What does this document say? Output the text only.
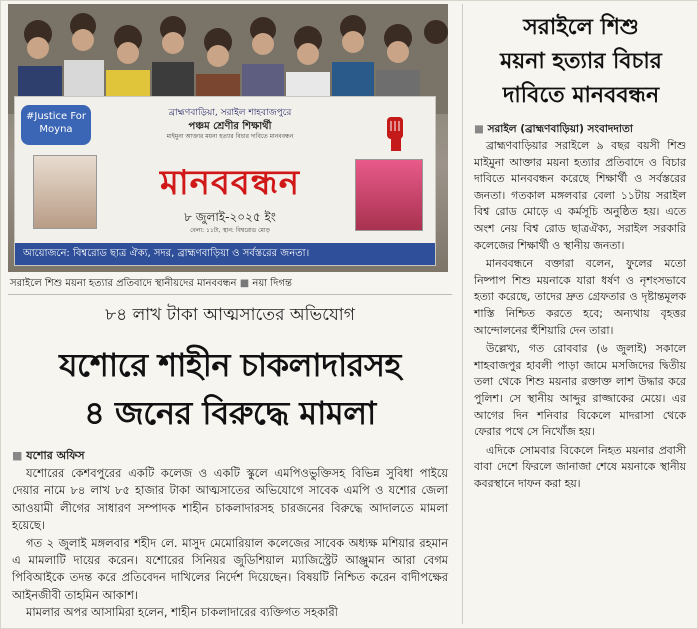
#Justice For Moyna
ব্রাহ্মণবাড়িয়া, সরাইল শাহবাজপুরে
পঞ্চম শ্রেণীর শিক্ষার্থী
মাইমুনা আক্তার ময়না হত্যার বিচার দাবিতে মানববন্ধন
মানববন্ধন
৮ জুলাই-২০২৫ ইং
বেলা: ১১টা, স্থান: বিশ্বরোড মোড়
আয়োজনে: বিশ্বরোড ছাত্র ঐক্য, সদর, ব্রাহ্মণবাড়িয়া ও সর্বস্তরের জনতা।
সরাইলে শিশু ময়না হত্যার প্রতিবাদে স্থানীয়দের মানববন্ধন ■ নয়া দিগন্ত
৮৪ লাখ টাকা আত্মসাতের অভিযোগ
যশোরে শাহীন চাকলাদারসহ
৪ জনের বিরুদ্ধে মামলা
■ যশোর অফিস

যশোরের কেশবপুরের একটি কলেজ ও একটি স্কুলে এমপিওভুক্তিসহ বিভিন্ন সুবিধা পাইয়ে দেয়ার নামে ৮৪ লাখ ৮৫ হাজার টাকা আত্মসাতের অভিযোগে সাবেক এমপি ও যশোর জেলা আওয়ামী লীগের সাধারণ সম্পাদক শাহীন চাকলাদারসহ চারজনের বিরুদ্ধে আদালতে মামলা হয়েছে।

গত ২ জুলাই মঙ্গলবার শহীদ লে. মাসুদ মেমোরিয়াল কলেজের সাবেক অধ্যক্ষ মশিয়ার রহমান এ মামলাটি দায়ের করেন। যশোরের সিনিয়র জুডিশিয়াল ম্যাজিস্ট্রেট আঞ্জুমান আরা বেগম পিবিআইকে তদন্ত করে প্রতিবেদন দাখিলের নির্দেশ দিয়েছেন। বিষয়টি নিশ্চিত করেন বাদীপক্ষের আইনজীবী তাহমিন আকাশ।

মামলার অপর আসামিরা হলেন, শাহীন চাকলাদারের ব্যক্তিগত সহকারী

সরাইলে শিশু
ময়না হত্যার বিচার
দাবিতে মানববন্ধন
■ সরাইল (ব্রাহ্মণবাড়িয়া) সংবাদদাতা

ব্রাহ্মণবাড়িয়ার সরাইলে ৯ বছর বয়সী শিশু মাইমুনা আক্তার ময়না হত্যার প্রতিবাদে ও বিচার দাবিতে মানববন্ধন করেছে শিক্ষার্থী ও সর্বস্তরের জনতা। গতকাল মঙ্গলবার বেলা ১১টায় সরাইল বিশ্ব রোড মোড়ে এ কর্মসূচি অনুষ্ঠিত হয়। এতে অংশ নেয় বিশ্ব রোড ছাত্রঐক্য, সরাইল সরকারি কলেজের শিক্ষার্থী ও স্থানীয় জনতা।

মানববন্ধনে বক্তারা বলেন, ফুলের মতো নিষ্পাপ শিশু ময়নাকে যারা ধর্ষণ ও নৃশংসভাবে হত্যা করেছে, তাদের দ্রুত গ্রেফতার ও দৃষ্টান্তমূলক শাস্তি নিশ্চিত করতে হবে; অন্যথায় বৃহত্তর আন্দোলনের হুঁশিয়ারি দেন তারা।

উল্লেখ্য, গত রোববার (৬ জুলাই) সকালে শাহবাজপুর হাবলী পাড়া জামে মসজিদের দ্বিতীয় তলা থেকে শিশু ময়নার রক্তাক্ত লাশ উদ্ধার করে পুলিশ। সে স্থানীয় আব্দুর রাজ্জাকের মেয়ে। এর আগের দিন শনিবার বিকেলে মাদরাসা থেকে ফেরার পথে সে নিখোঁজ হয়।

এদিকে সোমবার বিকেলে নিহত ময়নার প্রবাসী বাবা দেশে ফিরলে জানাজা শেষে ময়নাকে স্থানীয় কবরস্থানে দাফন করা হয়।
